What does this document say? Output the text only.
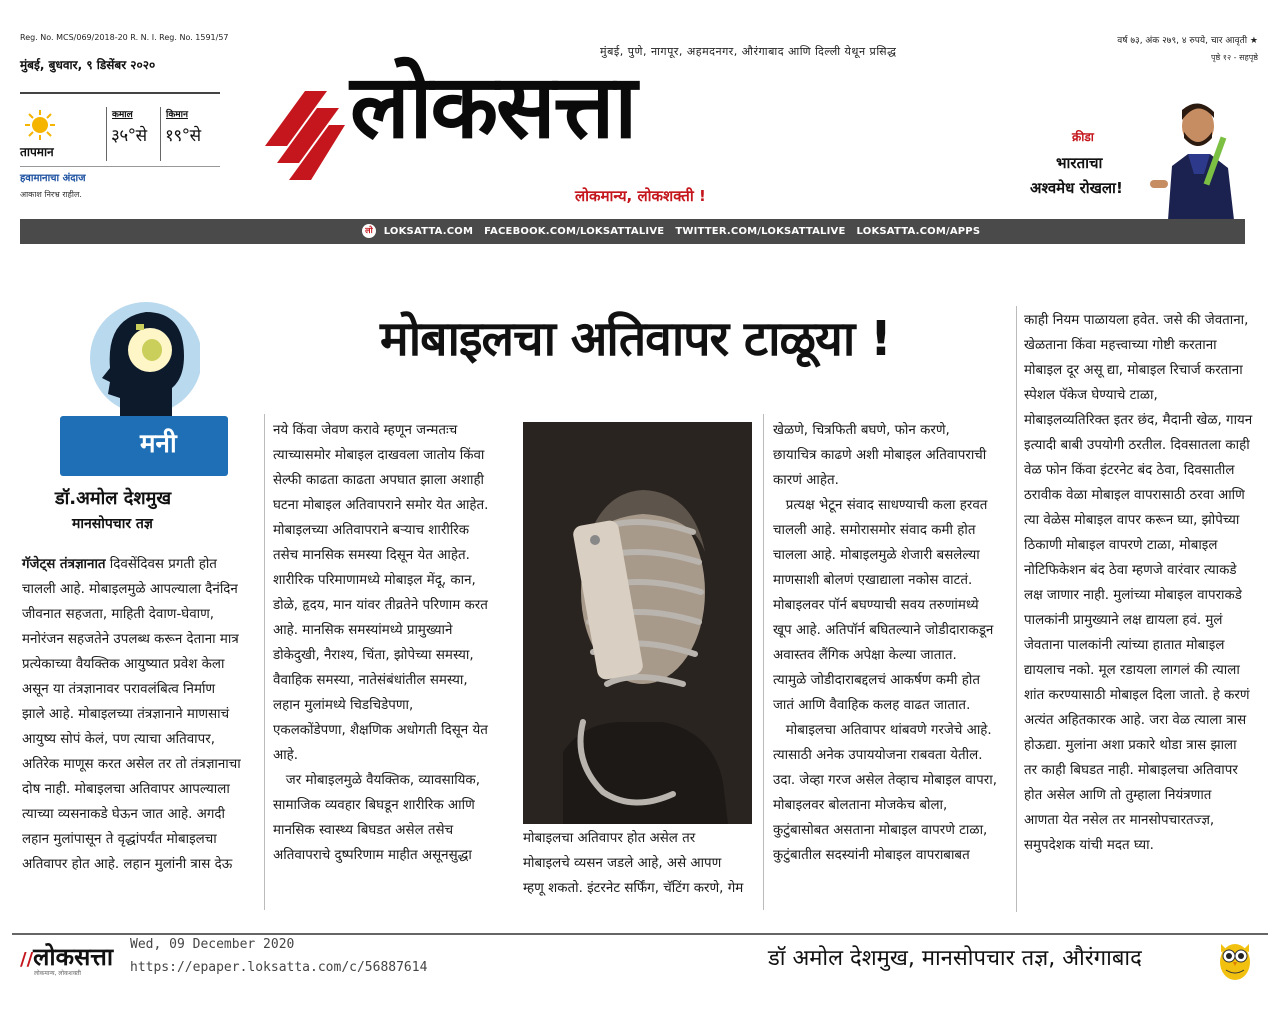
Reg. No. MCS/069/2018-20 R. N. I. Reg. No. 1591/57
मुंबई, बुधवार, ९ डिसेंबर २०२०
वर्ष ७३, अंक २७९, ४ रुपये, चार आवृती ★
पृष्ठे १२ - सहपृष्ठे
मुंबई, पुणे, नागपूर, अहमदनगर, औरंगाबाद आणि दिल्ली येथून प्रसिद्ध
तापमान
कमाल
३५°से
किमान
१९°से
हवामानाचा अंदाज
आकाश निरभ्र राहील.
लोकसत्ता
लोकमान्य, लोकशक्ती !
क्रीडा
भारताचा
अश्वमेध रोखला!
लो LOKSATTA.COM   FACEBOOK.COM/LOKSATTALIVE   TWITTER.COM/LOKSATTALIVE   LOKSATTA.COM/APPS
मोबाइलचा अतिवापर टाळूया !
मनी
डॉ.अमोल देशमुख
मानसोपचार तज्ञ

गॅजेट्स तंत्रज्ञानात दिवसेंदिवस प्रगती होत

चालली आहे. मोबाइलमुळे आपल्याला दैनंदिन

जीवनात सहजता, माहिती देवाण-घेवाण,

मनोरंजन सहजतेने उपलब्ध करून देताना मात्र

प्रत्येकाच्या वैयक्तिक आयुष्यात प्रवेश केला

असून या तंत्रज्ञानावर परावलंबित्व निर्माण

झाले आहे. मोबाइलच्या तंत्रज्ञानाने माणसाचं

आयुष्य सोपं केलं, पण त्याचा अतिवापर,

अतिरेक माणूस करत असेल तर तो तंत्रज्ञानाचा

दोष नाही. मोबाइलचा अतिवापर आपल्याला

त्याच्या व्यसनाकडे घेऊन जात आहे. अगदी

लहान मुलांपासून ते वृद्धांपर्यंत मोबाइलचा

अतिवापर होत आहे. लहान मुलांनी त्रास देऊ

नये किंवा जेवण करावे म्हणून जन्मतःच

त्याच्यासमोर मोबाइल दाखवला जातोय किंवा

सेल्फी काढता काढता अपघात झाला अशाही

घटना मोबाइल अतिवापराने समोर येत आहेत.

मोबाइलच्या अतिवापराने बऱ्याच शारीरिक

तसेच मानसिक समस्या दिसून येत आहेत.

शारीरिक परिमाणामध्ये मोबाइल मेंदू, कान,

डोळे, हृदय, मान यांवर तीव्रतेने परिणाम करत

आहे. मानसिक समस्यांमध्ये प्रामुख्याने

डोकेदुखी, नैराश्य, चिंता, झोपेच्या समस्या,

वैवाहिक समस्या, नातेसंबंधांतील समस्या,

लहान मुलांमध्ये चिडचिडेपणा,

एकलकोंडेपणा, शैक्षणिक अधोगती दिसून येत

आहे.

जर मोबाइलमुळे वैयक्तिक, व्यावसायिक,

सामाजिक व्यवहार बिघडून शारीरिक आणि

मानसिक स्वास्थ्य बिघडत असेल तसेच

अतिवापराचे दुष्परिणाम माहीत असूनसुद्धा

मोबाइलचा अतिवापर होत असेल तर

मोबाइलचे व्यसन जडले आहे, असे आपण

म्हणू शकतो. इंटरनेट सर्फिंग, चॅटिंग करणे, गेम

खेळणे, चित्रफिती बघणे, फोन करणे,

छायाचित्र काढणे अशी मोबाइल अतिवापराची

कारणं आहेत.

प्रत्यक्ष भेटून संवाद साधण्याची कला हरवत

चालली आहे. समोरासमोर संवाद कमी होत

चालला आहे. मोबाइलमुळे शेजारी बसलेल्या

माणसाशी बोलणं एखाद्याला नकोस वाटतं.

मोबाइलवर पॉर्न बघण्याची सवय तरुणांमध्ये

खूप आहे. अतिपॉर्न बघितल्याने जोडीदाराकडून

अवास्तव लैंगिक अपेक्षा केल्या जातात.

त्यामुळे जोडीदाराबद्दलचं आकर्षण कमी होत

जातं आणि वैवाहिक कलह वाढत जातात.

मोबाइलचा अतिवापर थांबवणे गरजेचे आहे.

त्यासाठी अनेक उपाययोजना राबवता येतील.

उदा. जेव्हा गरज असेल तेव्हाच मोबाइल वापरा,

मोबाइलवर बोलताना मोजकेच बोला,

कुटुंबासोबत असताना मोबाइल वापरणे टाळा,

कुटुंबातील सदस्यांनी मोबाइल वापराबाबत

काही नियम पाळायला हवेत. जसे की जेवताना,

खेळताना किंवा महत्त्वाच्या गोष्टी करताना

मोबाइल दूर असू द्या, मोबाइल रिचार्ज करताना

स्पेशल पॅकेज घेण्याचे टाळा,

मोबाइलव्यतिरिक्त इतर छंद, मैदानी खेळ, गायन

इत्यादी बाबी उपयोगी ठरतील. दिवसातला काही

वेळ फोन किंवा इंटरनेट बंद ठेवा, दिवसातील

ठरावीक वेळा मोबाइल वापरासाठी ठरवा आणि

त्या वेळेस मोबाइल वापर करून घ्या, झोपेच्या

ठिकाणी मोबाइल वापरणे टाळा, मोबाइल

नोटिफिकेशन बंद ठेवा म्हणजे वारंवार त्याकडे

लक्ष जाणार नाही. मुलांच्या मोबाइल वापराकडे

पालकांनी प्रामुख्याने लक्ष द्यायला हवं. मुलं

जेवताना पालकांनी त्यांच्या हातात मोबाइल

द्यायलाच नको. मूल रडायला लागलं की त्याला

शांत करण्यासाठी मोबाइल दिला जातो. हे करणं

अत्यंत अहितकारक आहे. जरा वेळ त्याला त्रास

होऊद्या. मुलांना अशा प्रकारे थोडा त्रास झाला

तर काही बिघडत नाही. मोबाइलचा अतिवापर

होत असेल आणि तो तुम्हाला नियंत्रणात

आणता येत नसेल तर मानसोपचारतज्ज्ञ,

समुपदेशक यांची मदत घ्या.

//लोकसत्ता
लोकमान्य, लोकशक्ती
Wed, 09 December 2020
https://epaper.loksatta.com/c/56887614	डॉ अमोल देशमुख, मानसोपचार तज्ञ, औरंगाबाद
